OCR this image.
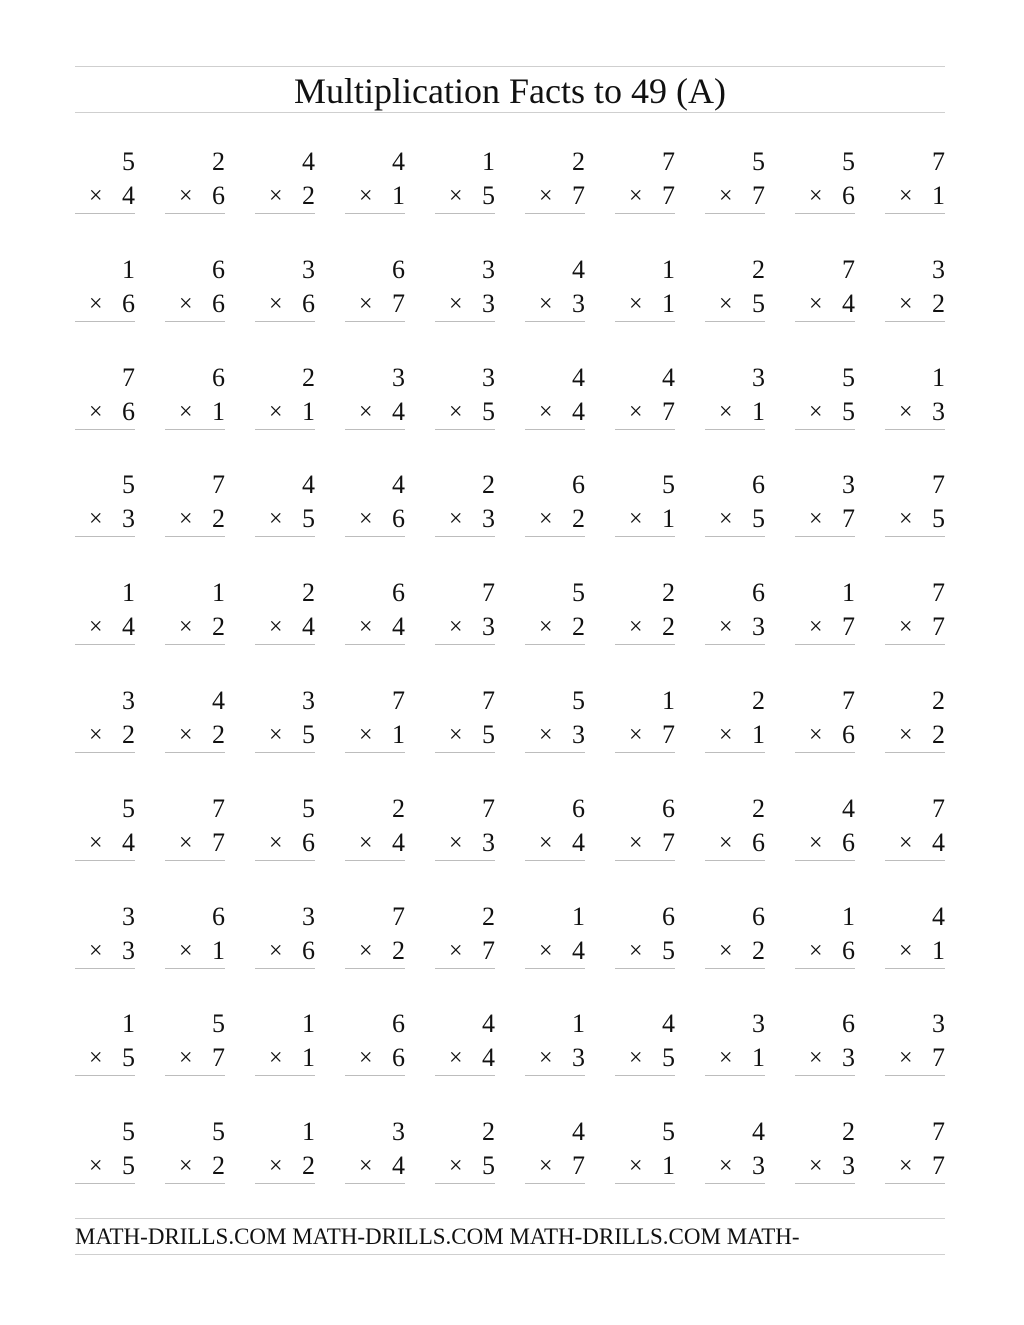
Multiplication Facts to 49 (A)
5
× 4
2
× 6
4
× 2
4
× 1
1
× 5
2
× 7
7
× 7
5
× 7
5
× 6
7
× 1
1
× 6
6
× 6
3
× 6
6
× 7
3
× 3
4
× 3
1
× 1
2
× 5
7
× 4
3
× 2
7
× 6
6
× 1
2
× 1
3
× 4
3
× 5
4
× 4
4
× 7
3
× 1
5
× 5
1
× 3
5
× 3
7
× 2
4
× 5
4
× 6
2
× 3
6
× 2
5
× 1
6
× 5
3
× 7
7
× 5
1
× 4
1
× 2
2
× 4
6
× 4
7
× 3
5
× 2
2
× 2
6
× 3
1
× 7
7
× 7
3
× 2
4
× 2
3
× 5
7
× 1
7
× 5
5
× 3
1
× 7
2
× 1
7
× 6
2
× 2
5
× 4
7
× 7
5
× 6
2
× 4
7
× 3
6
× 4
6
× 7
2
× 6
4
× 6
7
× 4
3
× 3
6
× 1
3
× 6
7
× 2
2
× 7
1
× 4
6
× 5
6
× 2
1
× 6
4
× 1
1
× 5
5
× 7
1
× 1
6
× 6
4
× 4
1
× 3
4
× 5
3
× 1
6
× 3
3
× 7
5
× 5
5
× 2
1
× 2
3
× 4
2
× 5
4
× 7
5
× 1
4
× 3
2
× 3
7
× 7
MATH-DRILLS.COM MATH-DRILLS.COM MATH-DRILLS.COM MATH-
